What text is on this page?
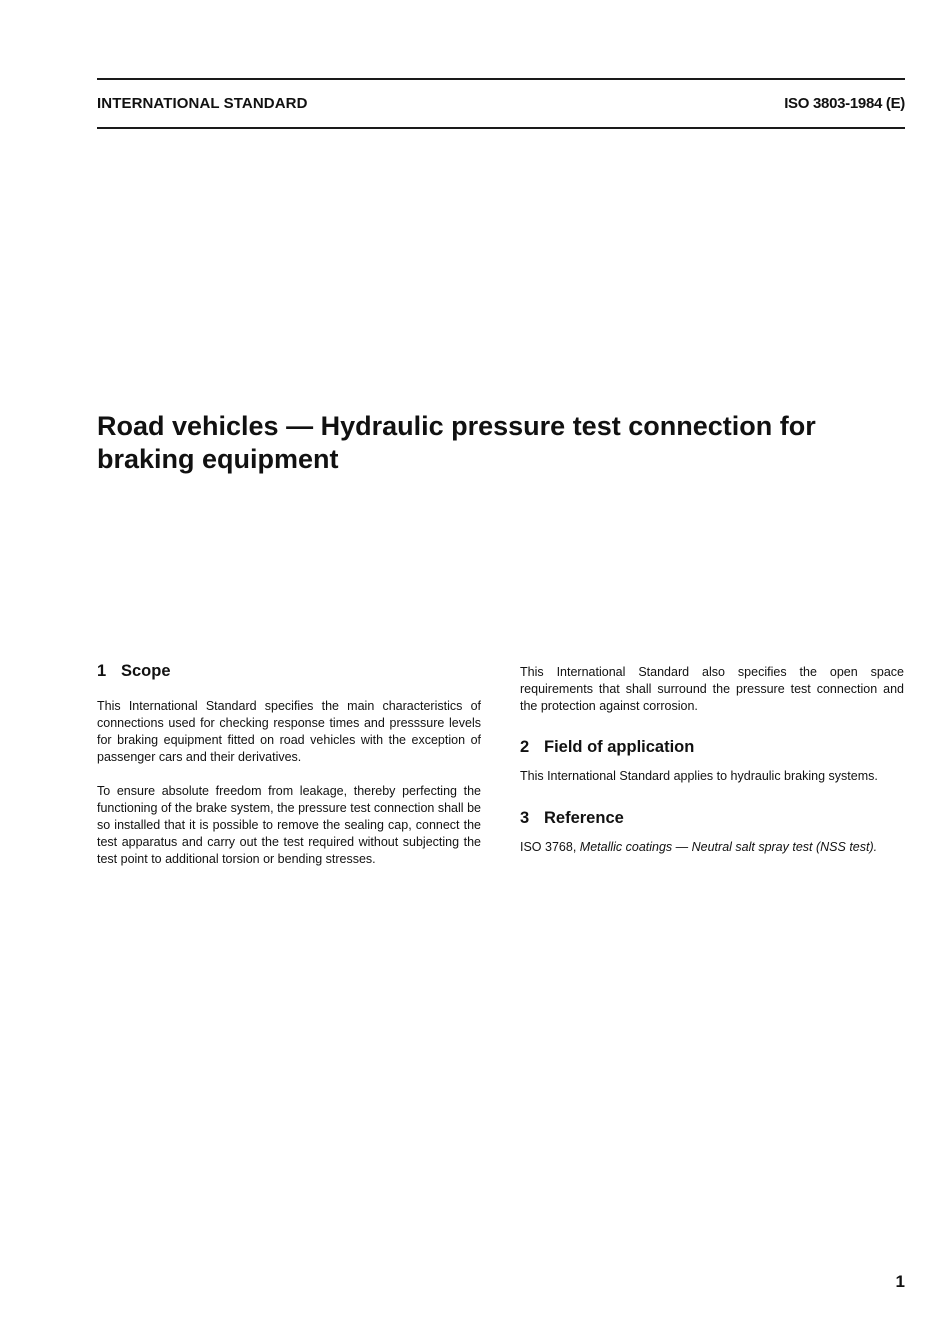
INTERNATIONAL STANDARD	ISO 3803-1984 (E)
Road vehicles — Hydraulic pressure test connection for
braking equipment
1 Scope

This International Standard specifies the main characteristics of connections used for checking response times and presssure levels for braking equipment fitted on road vehicles with the exception of passenger cars and their derivatives.

To ensure absolute freedom from leakage, thereby perfecting the functioning of the brake system, the pressure test connection shall be so installed that it is possible to remove the sealing cap, connect the test apparatus and carry out the test required without subjecting the test point to additional torsion or bending stresses.

This International Standard also specifies the open space requirements that shall surround the pressure test connection and the protection against corrosion.

2 Field of application

This International Standard applies to hydraulic braking systems.

3 Reference

ISO 3768, Metallic coatings — Neutral salt spray test (NSS test).

1
